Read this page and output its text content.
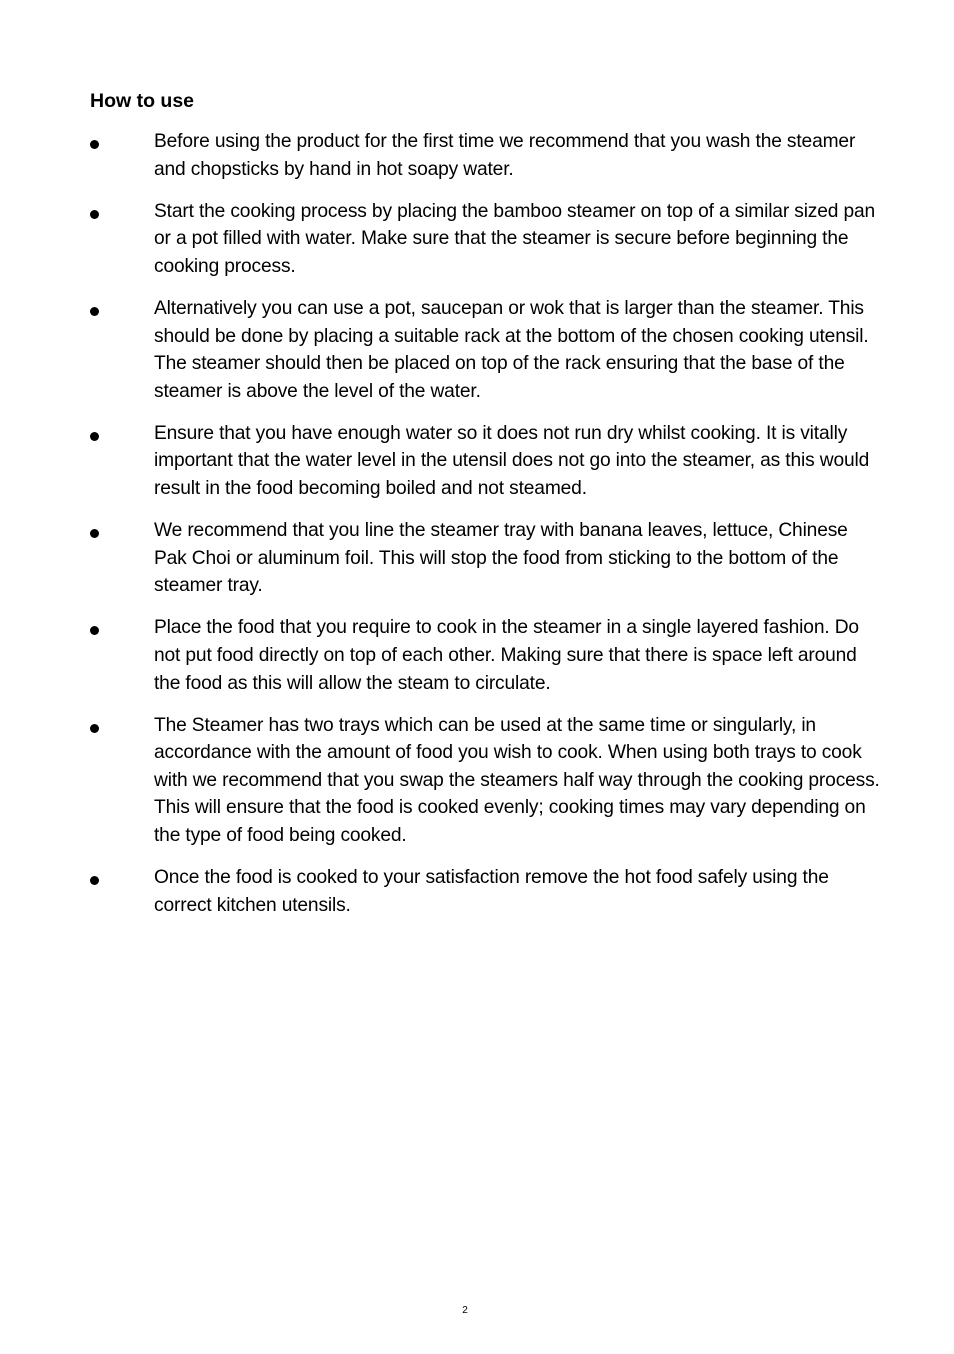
How to use
Before using the product for the first time we recommend that you wash the steamer and chopsticks by hand in hot soapy water.
Start the cooking process by placing the bamboo steamer on top of a similar sized pan or a pot filled with water. Make sure that the steamer is secure before beginning the cooking process.
Alternatively you can use a pot, saucepan or wok that is larger than the steamer. This should be done by placing a suitable rack at the bottom of the chosen cooking utensil. The steamer should then be placed on top of the rack ensuring that the base of the steamer is above the level of the water.
Ensure that you have enough water so it does not run dry whilst cooking. It is vitally important that the water level in the utensil does not go into the steamer, as this would result in the food becoming boiled and not steamed.
We recommend that you line the steamer tray with banana leaves, lettuce, Chinese Pak Choi or aluminum foil. This will stop the food from sticking to the bottom of the steamer tray.
Place the food that you require to cook in the steamer in a single layered fashion. Do not put food directly on top of each other. Making sure that there is space left around the food as this will allow the steam to circulate.
The Steamer has two trays which can be used at the same time or singularly, in accordance with the amount of food you wish to cook. When using both trays to cook with we recommend that you swap the steamers half way through the cooking process. This will ensure that the food is cooked evenly; cooking times may vary depending on the type of food being cooked.
Once the food is cooked to your satisfaction remove the hot food safely using the correct kitchen utensils.
2
